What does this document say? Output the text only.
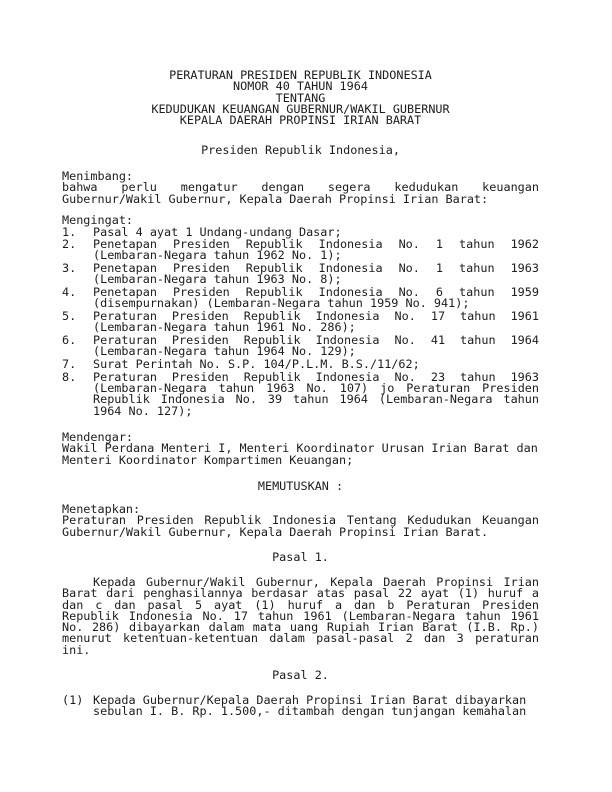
PERATURAN PRESIDEN REPUBLIK INDONESIA
NOMOR 40 TAHUN 1964
TENTANG
KEDUDUKAN KEUANGAN GUBERNUR/WAKIL GUBERNUR
KEPALA DAERAH PROPINSI IRIAN BARAT
Presiden Republik Indonesia,
Menimbang:
bahwa perlu mengatur dengan segera kedudukan keuangan
Gubernur/Wakil Gubernur, Kepala Daerah Propinsi Irian Barat:
Mengingat:
1. Pasal 4 ayat 1 Undang-undang Dasar;
2. Penetapan Presiden Republik Indonesia No. 1 tahun 1962
(Lembaran-Negara tahun 1962 No. 1);
3. Penetapan Presiden Republik Indonesia No. 1 tahun 1963
(Lembaran-Negara tahun 1963 No. 8);
4. Penetapan Presiden Republik Indonesia No. 6 tahun 1959
(disempurnakan) (Lembaran-Negara tahun 1959 No. 941);
5. Peraturan Presiden Republik Indonesia No. 17 tahun 1961
(Lembaran-Negara tahun 1961 No. 286);
6. Peraturan Presiden Republik Indonesia No. 41 tahun 1964
(Lembaran-Negara tahun 1964 No. 129);
7. Surat Perintah No. S.P. 104/P.L.M. B.S./11/62;
8. Peraturan Presiden Republik Indonesia No. 23 tahun 1963
(Lembaran-Negara tahun 1963 No. 107) jo Peraturan Presiden
Republik Indonesia No. 39 tahun 1964 (Lembaran-Negara tahun
1964 No. 127);
Mendengar:
Wakil Perdana Menteri I, Menteri Koordinator Urusan Irian Barat dan
Menteri Koordinator Kompartimen Keuangan;
MEMUTUSKAN :
Menetapkan:
Peraturan Presiden Republik Indonesia Tentang Kedudukan Keuangan
Gubernur/Wakil Gubernur, Kepala Daerah Propinsi Irian Barat.
Pasal 1.
Kepada Gubernur/Wakil Gubernur, Kepala Daerah Propinsi Irian
Barat dari penghasilannya berdasar atas pasal 22 ayat (1) huruf a
dan c dan pasal 5 ayat (1) huruf a dan b Peraturan Presiden
Republik Indonesia No. 17 tahun 1961 (Lembaran-Negara tahun 1961
No. 286) dibayarkan dalam mata uang Rupiah Irian Barat (I.B. Rp.)
menurut ketentuan-ketentuan dalam pasal-pasal 2 dan 3 peraturan
ini.
Pasal 2.
(1) Kepada Gubernur/Kepala Daerah Propinsi Irian Barat dibayarkan
sebulan I. B. Rp. 1.500,- ditambah dengan tunjangan kemahalan
